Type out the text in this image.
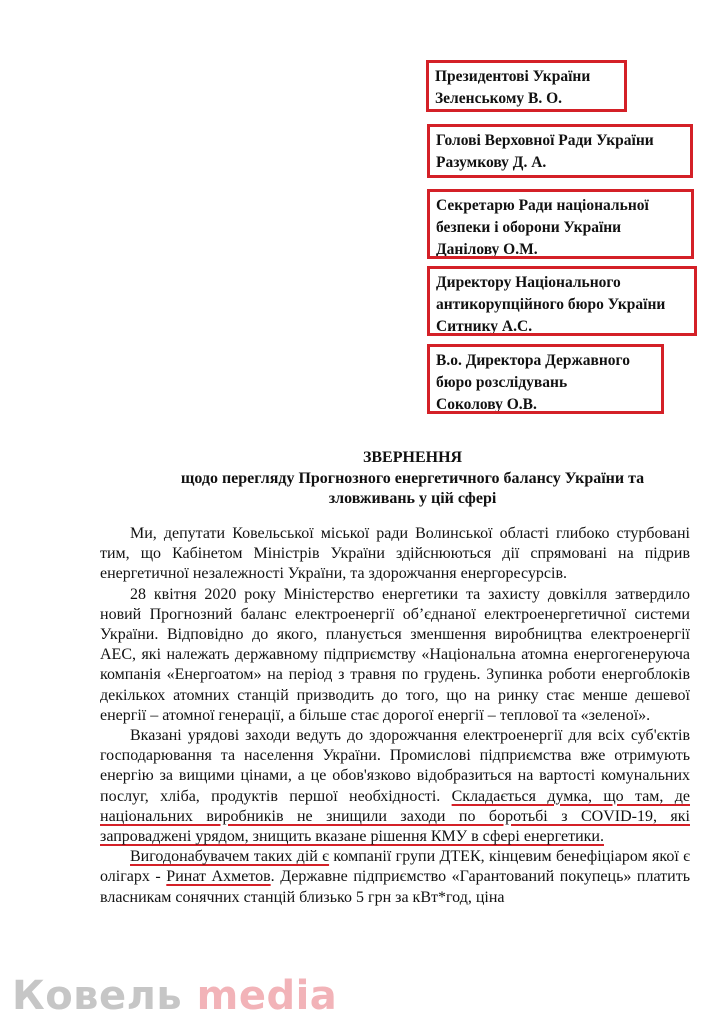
Президентові України
Зеленському В. О.
Голові Верховної Ради України
Разумкову Д. А.
Секретарю Ради національної
безпеки і оборони України
Данілову О.М.
Директору Національного
антикорупційного бюро України
Ситнику А.С.
В.о. Директора Державного
бюро розслідувань
Соколову О.В.
ЗВЕРНЕННЯ
щодо перегляду Прогнозного енергетичного балансу України та
зловживань у цій сфері

Ми, депутати Ковельської міської ради Волинської області глибоко стурбовані тим, що Кабінетом Міністрів України здійснюються дії спрямовані на підрив енергетичної незалежності України, та здорожчання енергоресурсів.

28 квітня 2020 року Міністерство енергетики та захисту довкілля затвердило новий Прогнозний баланс електроенергії об’єднаної електроенергетичної системи України. Відповідно до якого, планується зменшення виробництва електроенергії АЕС, які належать державному підприємству «Національна атомна енергогенеруюча компанія «Енергоатом» на період з травня по грудень. Зупинка роботи енергоблоків декількох атомних станцій призводить до того, що на ринку стає менше дешевої енергії – атомної генерації, а більше стає дорогої енергії – теплової та «зеленої».

Вказані урядові заходи ведуть до здорожчання електроенергії для всіх суб'єктів господарювання та населення України. Промислові підприємства вже отримують енергію за вищими цінами, а це обов'язково відобразиться на вартості комунальних послуг, хліба, продуктів першої необхідності. Складається думка, що там, де національних виробників не знищили заходи по боротьбі з COVID-19, які запроваджені урядом, знищить вказане рішення КМУ в сфері енергетики.

Вигодонабувачем таких дій є компанії групи ДТЕК, кінцевим бенефіціаром якої є олігарх - Ринат Ахметов. Державне підприємство «Гарантований покупець» платить власникам сонячних станцій близько 5 грн за кВт*год, ціна

Ковель media
